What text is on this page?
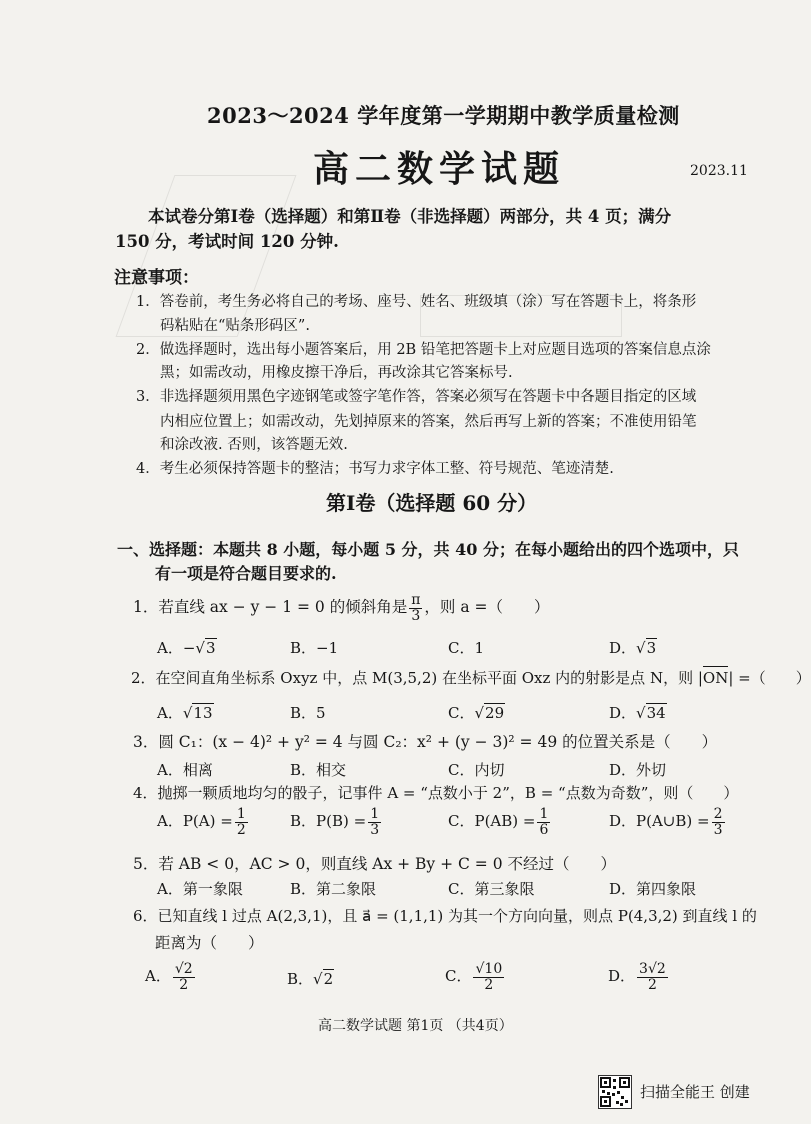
2023～2024 学年度第一学期期中教学质量检测
高二数学试题	2023.11
本试卷分第Ⅰ卷（选择题）和第Ⅱ卷（非选择题）两部分，共 4 页；满分
150 分，考试时间 120 分钟.
注意事项：
1．答卷前，考生务必将自己的考场、座号、姓名、班级填（涂）写在答题卡上，将条形
码粘贴在“贴条形码区”.
2．做选择题时，选出每小题答案后，用 2B 铅笔把答题卡上对应题目选项的答案信息点涂
黑；如需改动，用橡皮擦干净后，再改涂其它答案标号.
3．非选择题须用黑色字迹钢笔或签字笔作答，答案必须写在答题卡中各题目指定的区域
内相应位置上；如需改动，先划掉原来的答案，然后再写上新的答案；不准使用铅笔
和涂改液. 否则，该答题无效.
4．考生必须保持答题卡的整洁；书写力求字体工整、符号规范、笔迹清楚.
第Ⅰ卷（选择题 60 分）
一、选择题：本题共 8 小题，每小题 5 分，共 40 分；在每小题给出的四个选项中，只
有一项是符合题目要求的.
1．若直线 ax − y − 1 = 0 的倾斜角是 $\frac{\pi}{3}$ ，则 a =（　　）
A．−√3	B．−1	C．1	D．√3
2．在空间直角坐标系 Oxyz 中，点 M(3,5,2) 在坐标平面 Oxz 内的射影是点 N，则 |
ON| =（　　）
A．√13	B．5	C．√29	D．√34
3．圆 C₁：(x − 4)² + y² = 4 与圆 C₂：x² + (y − 3)² = 49 的位置关系是（　　）
A．相离	B．相交	C．内切	D．外切
4．抛掷一颗质地均匀的骰子，记事件 A = “点数小于 2”，B = “点数为奇数”，则（　　）
A．$P(A) = \frac{1}{2}$	B．$P(B) = \frac{1}{3}$	C．$P(AB) = \frac{1}{6}$	D．P(A∪B) = $\frac{2}{3}$
5．若 AB < 0，AC > 0，则直线 Ax + By + C = 0 不经过（　　）
A．第一象限	B．第二象限	C．第三象限	D．第四象限
6．已知直线 l 过点 A(2,3,1)，且 a⃗ = (1,1,1) 为其一个方向向量，则点 P(4,3,2) 到直线 l 的
距离为（　　）
A． $\frac{√2}{2}$	B．√2	C． $\frac{√10}{2}$	D． $\frac{3√2}{2}$
高二数学试题 第1页 （共4页）
扫描全能王 创建
